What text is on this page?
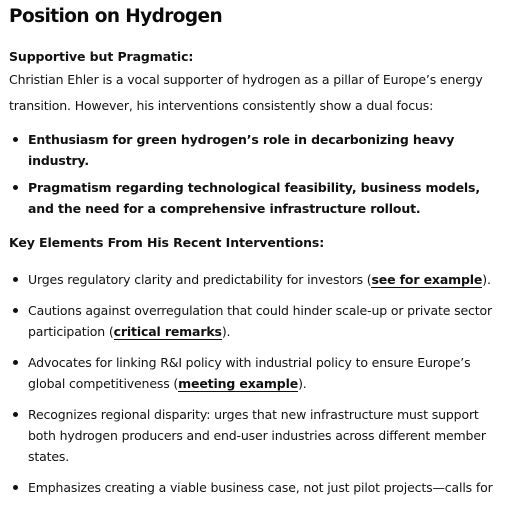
Position on Hydrogen

Supportive but Pragmatic:

Christian Ehler is a vocal supporter of hydrogen as a pillar of Europe’s energy transition. However, his interventions consistently show a dual focus:

Enthusiasm for green hydrogen’s role in decarbonizing heavy industry.
Pragmatism regarding technological feasibility, business models, and the need for a comprehensive infrastructure rollout.

Key Elements From His Recent Interventions:

Urges regulatory clarity and predictability for investors (see for example).
Cautions against overregulation that could hinder scale-up or private sector participation (critical remarks).
Advocates for linking R&I policy with industrial policy to ensure Europe’s global competitiveness (meeting example).
Recognizes regional disparity: urges that new infrastructure must support both hydrogen producers and end-user industries across different member states.
Emphasizes creating a viable business case, not just pilot projects—calls for
